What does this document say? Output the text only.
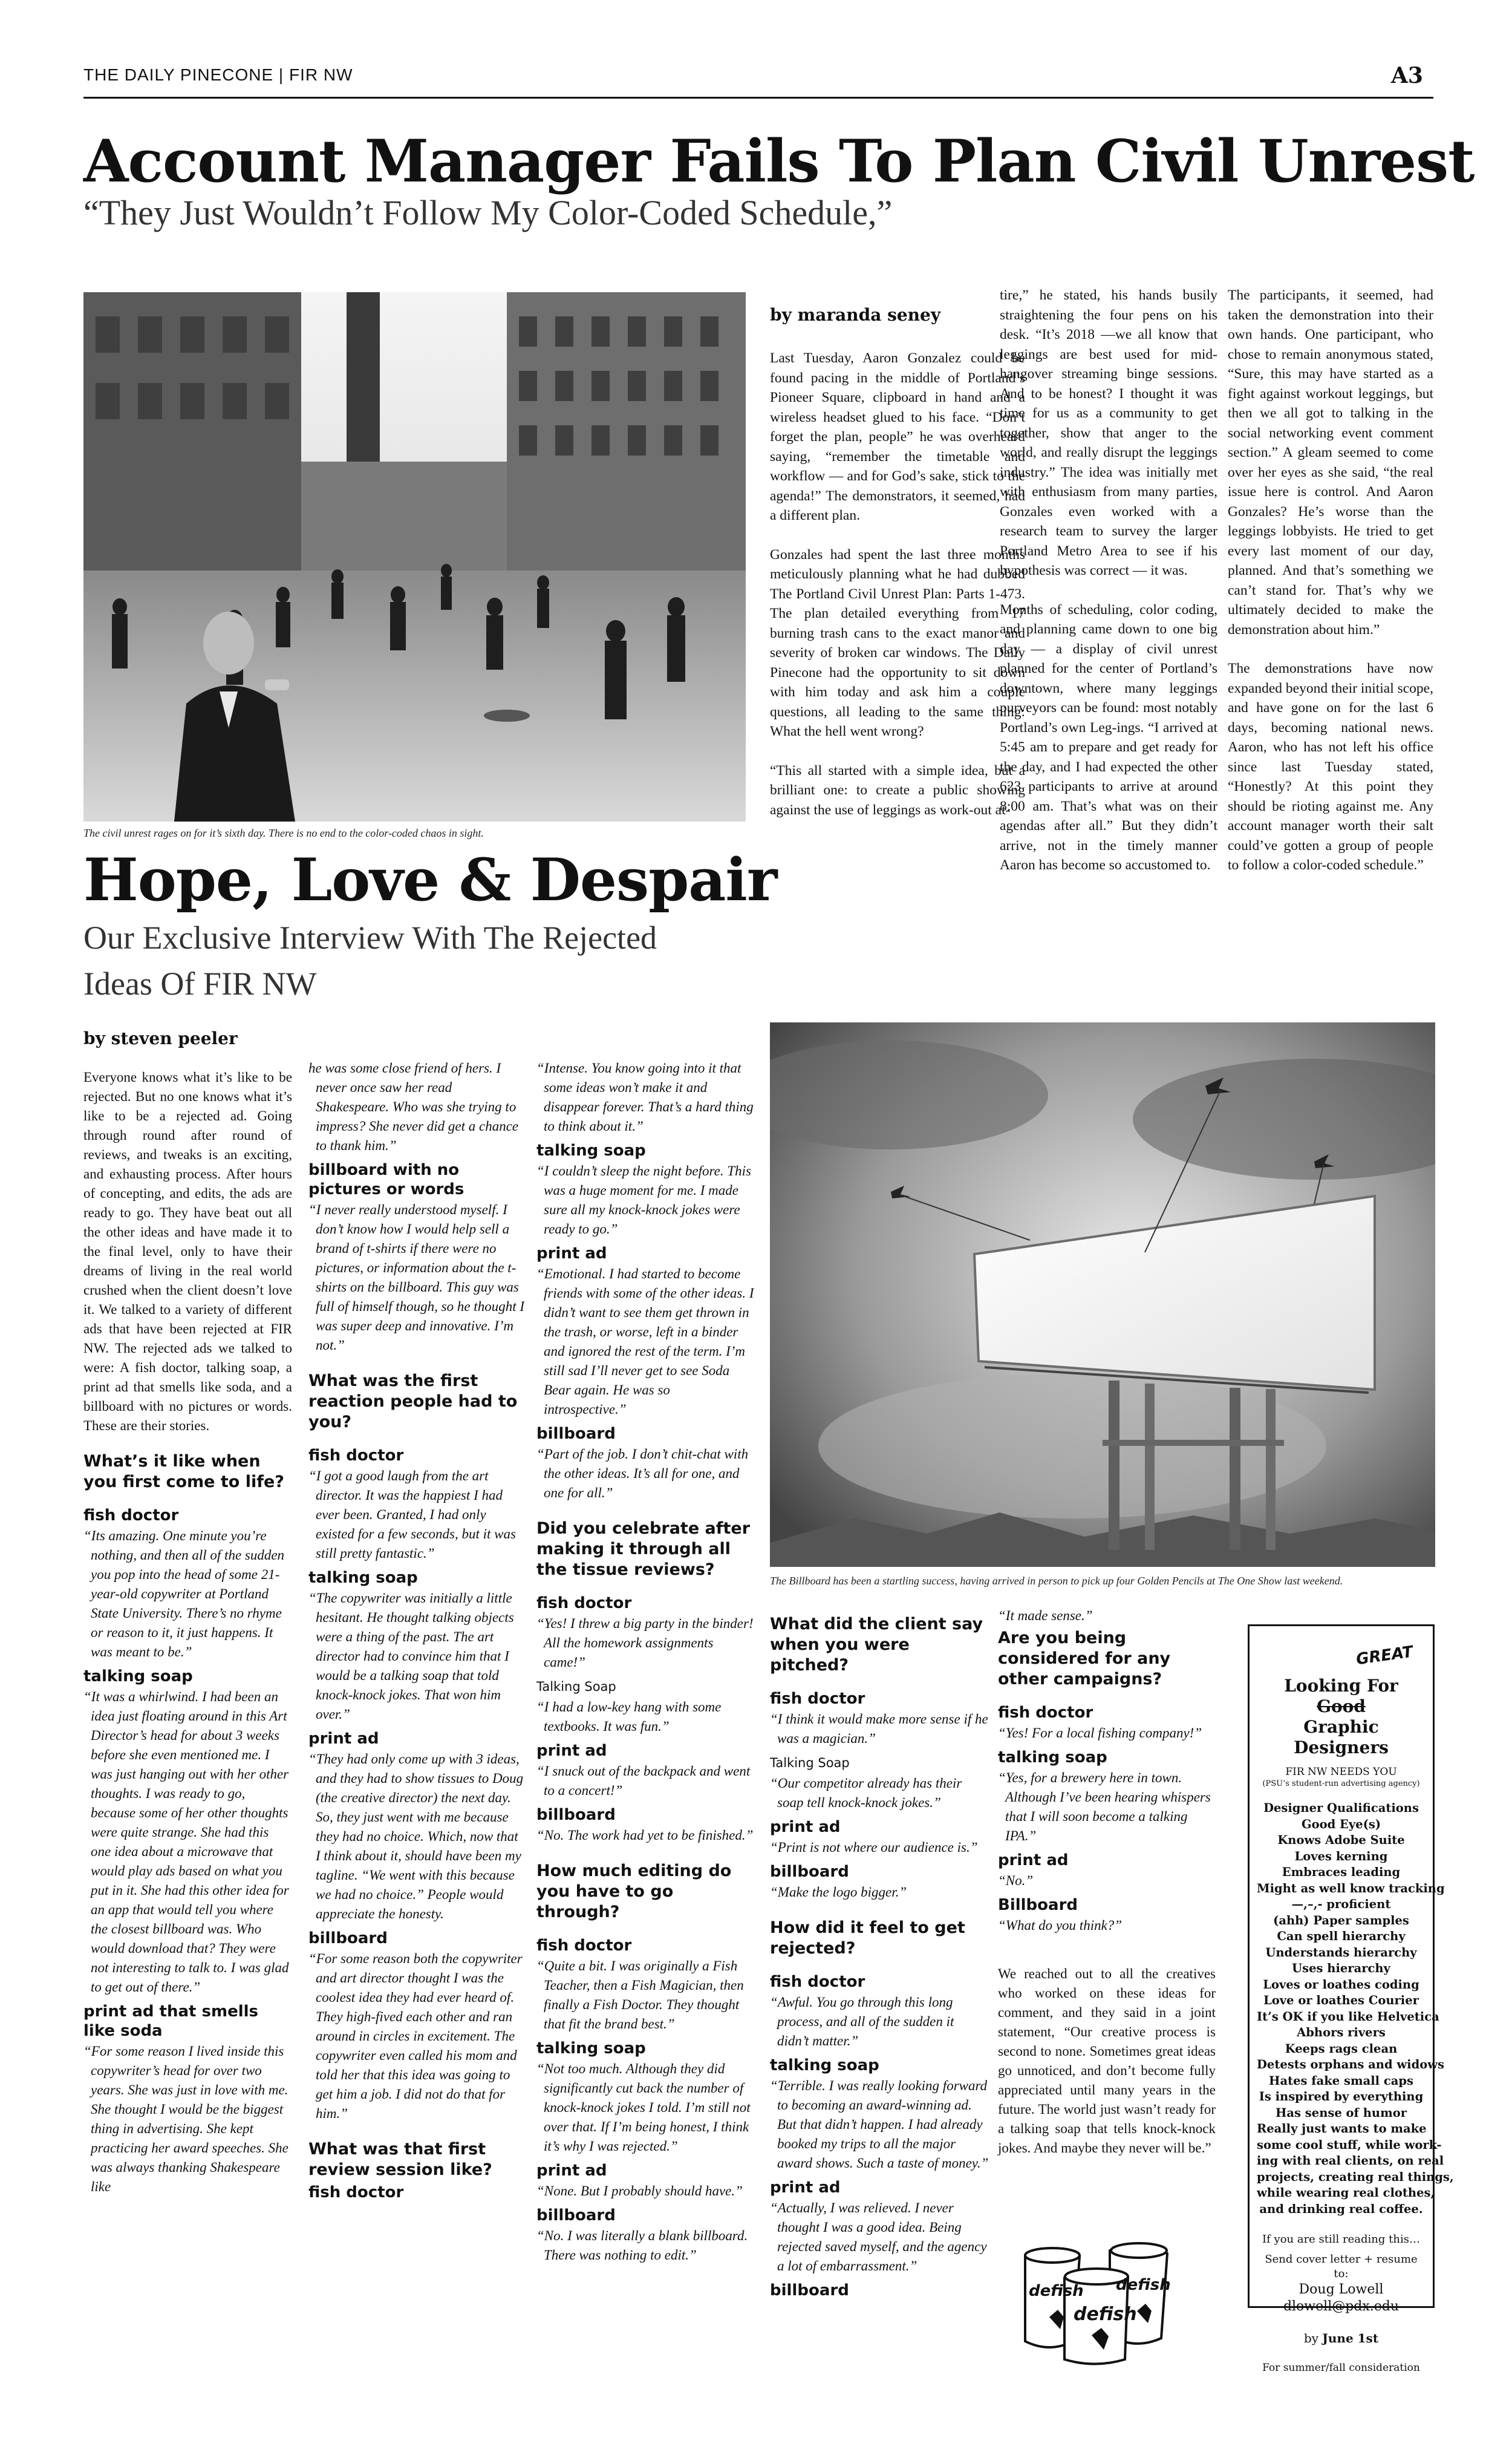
THE DAILY PINECONE | FIR NW	A3
Account Manager Fails To Plan Civil Unrest
“They Just Wouldn’t Follow My Color-Coded Schedule,”
The civil unrest rages on for it’s sixth day. There is no end to the color-coded chaos in sight.
by maranda seney

Last Tuesday, Aaron Gonzalez could be found pacing in the middle of Portland’s Pioneer Square, clipboard in hand and a wireless headset glued to his face. “Don’t forget the plan, people” he was overheard saying, “remember the timetable and workflow — and for God’s sake, stick to the agenda!” The demonstrators, it seemed, had a different plan.

Gonzales had spent the last three months meticulously planning what he had dubbed The Portland Civil Unrest Plan: Parts 1-473. The plan detailed everything from 17 burning trash cans to the exact manor and severity of broken car windows. The Daily Pinecone had the opportunity to sit down with him today and ask him a couple questions, all leading to the same thing: What the hell went wrong?

“This all started with a simple idea, but a brilliant one: to create a public showing against the use of leggings as work-out at-

tire,” he stated, his hands busily straightening the four pens on his desk. “It’s 2018 —we all know that leggings are best used for mid-hangover streaming binge sessions. And to be honest? I thought it was time for us as a community to get together, show that anger to the world, and really disrupt the leggings industry.” The idea was initially met with enthusiasm from many parties, Gonzales even worked with a research team to survey the larger Portland Metro Area to see if his hypothesis was correct — it was.

Months of scheduling, color coding, and planning came down to one big day — a display of civil unrest planned for the center of Portland’s downtown, where many leggings purveyors can be found: most notably Portland’s own Leg-ings. “I arrived at 5:45 am to prepare and get ready for the day, and I had expected the other 623 participants to arrive at around 8:00 am. That’s what was on their agendas after all.” But they didn’t arrive, not in the timely manner Aaron has become so accustomed to.

The participants, it seemed, had taken the demonstration into their own hands. One participant, who chose to remain anonymous stated, “Sure, this may have started as a fight against workout leggings, but then we all got to talking in the social networking event comment section.” A gleam seemed to come over her eyes as she said, “the real issue here is control. And Aaron Gonzales? He’s worse than the leggings lobbyists. He tried to get every last moment of our day, planned. And that’s something we can’t stand for. That’s why we ultimately decided to make the demonstration about him.”

The demonstrations have now expanded beyond their initial scope, and have gone on for the last 6 days, becoming national news. Aaron, who has not left his office since last Tuesday stated, “Honestly? At this point they should be rioting against me. Any account manager worth their salt could’ve gotten a group of people to follow a color-coded schedule.”

Hope, Love & Despair
Our Exclusive Interview With The Rejected Ideas Of FIR NW
by steven peeler
The Billboard has been a startling success, having arrived in person to pick up four Golden Pencils at The One Show last weekend.
Everyone knows what it’s like to be rejected. But no one knows what it’s like to be a rejected ad. Going through round after round of reviews, and tweaks is an exciting, and exhausting process. After hours of concepting, and edits, the ads are ready to go. They have beat out all the other ideas and have made it to the final level, only to have their dreams of living in the real world crushed when the client doesn’t love it. We talked to a variety of different ads that have been rejected at FIR NW. The rejected ads we talked to were: A fish doctor, talking soap, a print ad that smells like soda, and a billboard with no pictures or words. These are their stories.
What’s it like when you first come to life?
fish doctor

“Its amazing. One minute you’re nothing, and then all of the sudden you pop into the head of some 21-year-old copywriter at Portland State University. There’s no rhyme or reason to it, it just happens. It was meant to be.”

talking soap

“It was a whirlwind. I had been an idea just floating around in this Art Director’s head for about 3 weeks before she even mentioned me. I was just hanging out with her other thoughts. I was ready to go, because some of her other thoughts were quite strange. She had this one idea about a microwave that would play ads based on what you put in it. She had this other idea for an app that would tell you where the closest billboard was. Who would download that? They were not interesting to talk to. I was glad to get out of there.”

print ad that smells like soda

“For some reason I lived inside this copywriter’s head for over two years. She was just in love with me. She thought I would be the biggest thing in advertising. She kept practicing her award speeches. She was always thanking Shakespeare like

he was some close friend of hers. I never once saw her read Shakespeare. Who was she trying to impress? She never did get a chance to thank him.”

billboard with no pictures or words

“I never really understood myself. I don’t know how I would help sell a brand of t-shirts if there were no pictures, or information about the t-shirts on the billboard. This guy was full of himself though, so he thought I was super deep and innovative. I’m not.”

What was the first reaction people had to you?
fish doctor

“I got a good laugh from the art director. It was the happiest I had ever been. Granted, I had only existed for a few seconds, but it was still pretty fantastic.”

talking soap

“The copywriter was initially a little hesitant. He thought talking objects were a thing of the past. The art director had to convince him that I would be a talking soap that told knock-knock jokes. That won him over.”

print ad

“They had only come up with 3 ideas, and they had to show tissues to Doug (the creative director) the next day. So, they just went with me because they had no choice. Which, now that I think about it, should have been my tagline. “We went with this because we had no choice.” People would appreciate the honesty.

billboard

“For some reason both the copywriter and art director thought I was the coolest idea they had ever heard of. They high-fived each other and ran around in circles in excitement. The copywriter even called his mom and told her that this idea was going to get him a job. I did not do that for him.”

What was that first review session like?
fish doctor

“Intense. You know going into it that some ideas won’t make it and disappear forever. That’s a hard thing to think about it.”

talking soap

“I couldn’t sleep the night before. This was a huge moment for me. I made sure all my knock-knock jokes were ready to go.”

print ad

“Emotional. I had started to become friends with some of the other ideas. I didn’t want to see them get thrown in the trash, or worse, left in a binder and ignored the rest of the term. I’m still sad I’ll never get to see Soda Bear again. He was so introspective.”

billboard

“Part of the job. I don’t chit-chat with the other ideas. It’s all for one, and one for all.”

Did you celebrate after making it through all the tissue reviews?
fish doctor

“Yes! I threw a big party in the binder! All the homework assignments came!”

Talking Soap

“I had a low-key hang with some textbooks. It was fun.”

print ad

“I snuck out of the backpack and went to a concert!”

billboard

“No. The work had yet to be finished.”

How much editing do you have to go through?
fish doctor

“Quite a bit. I was originally a Fish Teacher, then a Fish Magician, then finally a Fish Doctor. They thought that fit the brand best.”

talking soap

“Not too much. Although they did significantly cut back the number of knock-knock jokes I told. I’m still not over that. If I’m being honest, I think it’s why I was rejected.”

print ad

“None. But I probably should have.”

billboard

“No. I was literally a blank billboard. There was nothing to edit.”

What did the client say when you were pitched?
fish doctor

“I think it would make more sense if he was a magician.”

Talking Soap

“Our competitor already has their soap tell knock-knock jokes.”

print ad

“Print is not where our audience is.”

billboard

“Make the logo bigger.”

How did it feel to get rejected?
fish doctor

“Awful. You go through this long process, and all of the sudden it didn’t matter.”

talking soap

“Terrible. I was really looking forward to becoming an award-winning ad. But that didn’t happen. I had already booked my trips to all the major award shows. Such a taste of money.”

print ad

“Actually, I was relieved. I never thought I was a good idea. Being rejected saved myself, and the agency a lot of embarrassment.”

billboard

“It made sense.”

Are you being considered for any other campaigns?
fish doctor

“Yes! For a local fishing company!”

talking soap

“Yes, for a brewery here in town. Although I’ve been hearing whispers that I will soon become a talking IPA.”

print ad

“No.”

Billboard

“What do you think?”

We reached out to all the creatives who worked on these ideas for comment, and they said in a joint statement, “Our creative process is second to none. Sometimes great ideas go unnoticed, and don’t become fully appreciated until many years in the future. The world just wasn’t ready for a talking soap that tells knock-knock jokes. And maybe they never will be.”

defish defish
defish
GREAT
Looking For Good
Graphic Designers
FIR NW NEEDS YOU
(PSU’s student-run advertising agency)
Designer Qualifications
Good Eye(s)
Knows Adobe Suite
Loves kerning
Embraces leading
Might as well know tracking
—,–,- proficient
(ahh) Paper samples
Can spell hierarchy
Understands hierarchy
Uses hierarchy
Loves or loathes coding
Love or loathes Courier
It’s OK if you like Helvetica
Abhors rivers
Keeps rags clean
Detests orphans and widows
Hates fake small caps
Is inspired by everything
Has sense of humor
Really just wants to make
some cool stuff, while work-
ing with real clients, on real
projects, creating real things,
while wearing real clothes,
and drinking real coffee.
If you are still reading this…
Send cover letter + resume to:
Doug Lowell
dlowell@pdx.edu
by June 1st
For summer/fall consideration
